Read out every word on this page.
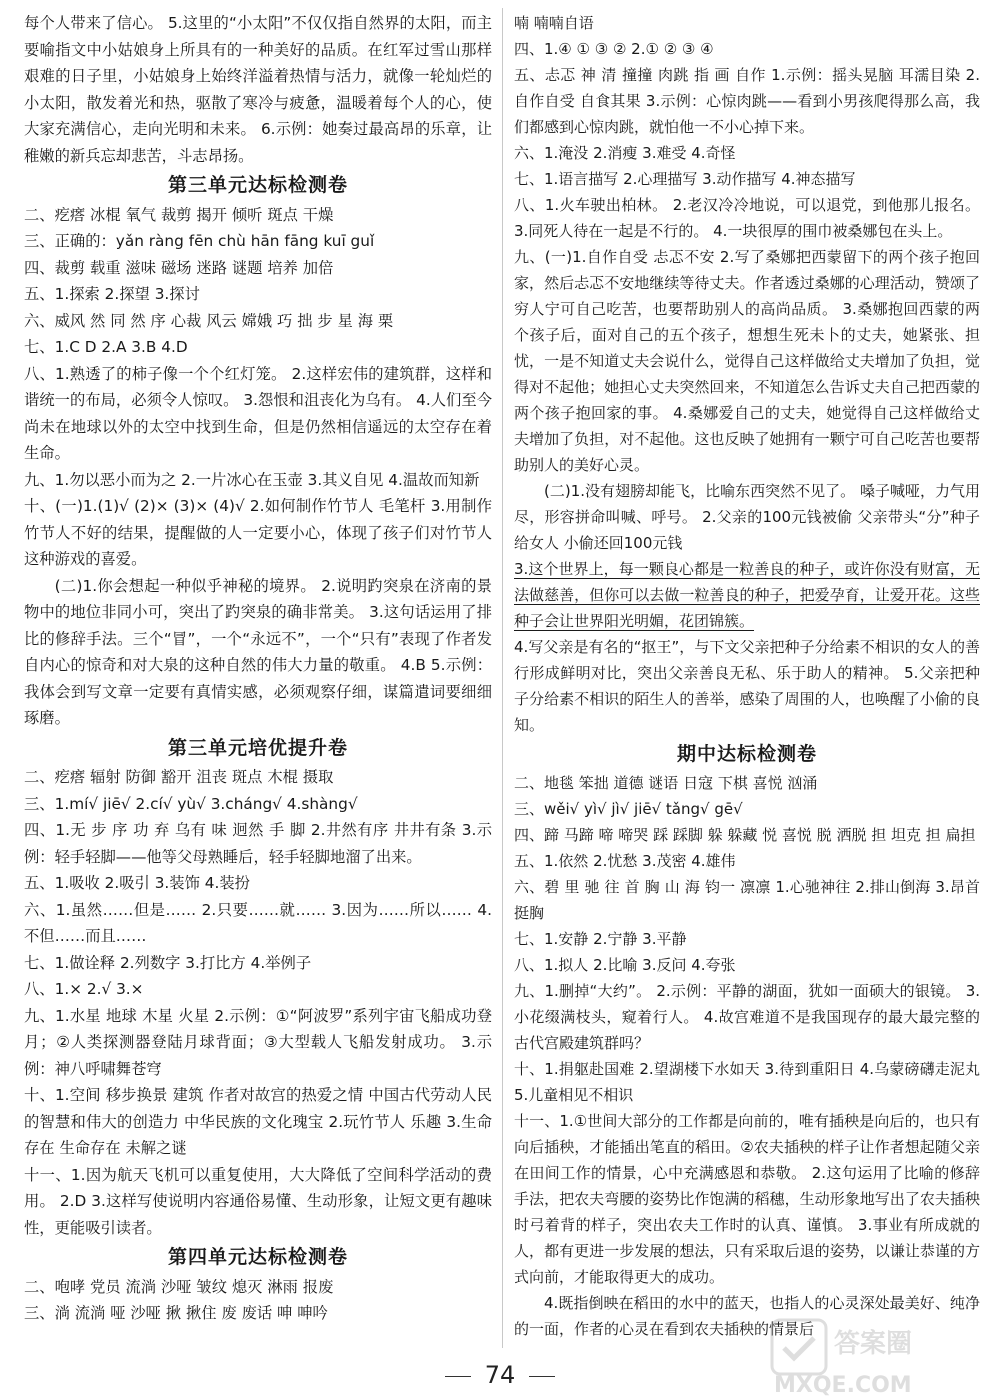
每个人带来了信心。 5.这里的“小太阳”不仅仅指自然界的太阳，而主要喻指文中小姑娘身上所具有的一种美好的品质。在红军过雪山那样艰难的日子里，小姑娘身上始终洋溢着热情与活力，就像一轮灿烂的小太阳，散发着光和热，驱散了寒冷与疲惫，温暖着每个人的心，使大家充满信心，走向光明和未来。 6.示例：她奏过最高昂的乐章，让稚嫩的新兵忘却悲苦，斗志昂扬。

第三单元达标检测卷

二、疙瘩 冰棍 氧气 裁剪 揭开 倾听 斑点 干燥

三、正确的：yǎn ràng fēn chù hān fāng kuī guǐ

四、裁剪 载重 滋味 磁场 迷路 谜题 培养 加倍

五、1.探索 2.探望 3.探讨

六、威风 然 同 然 序 心裁 风云 嫦娥 巧 拙 步 星 海 栗

七、1.C D 2.A 3.B 4.D

八、1.熟透了的柿子像一个个红灯笼。 2.这样宏伟的建筑群，这样和谐统一的布局，必须令人惊叹。 3.怨恨和沮丧化为乌有。 4.人们至今尚未在地球以外的太空中找到生命，但是仍然相信遥远的太空存在着生命。

九、1.勿以恶小而为之 2.一片冰心在玉壶 3.其义自见 4.温故而知新

十、(一)1.(1)√ (2)× (3)× (4)√ 2.如何制作竹节人 毛笔杆 3.用制作竹节人不好的结果，提醒做的人一定要小心，体现了孩子们对竹节人这种游戏的喜爱。

(二)1.你会想起一种似乎神秘的境界。 2.说明趵突泉在济南的景物中的地位非同小可，突出了趵突泉的确非常美。 3.这句话运用了排比的修辞手法。三个“冒”，一个“永远不”，一个“只有”表现了作者发自内心的惊奇和对大泉的这种自然的伟大力量的敬重。 4.B 5.示例：我体会到写文章一定要有真情实感，必须观察仔细，谋篇遣词要细细琢磨。

第三单元培优提升卷

二、疙瘩 辐射 防御 豁开 沮丧 斑点 木棍 摄取

三、1.mí√ jiē√ 2.cí√ yù√ 3.cháng√ 4.shàng√

四、1.无 步 序 功 弃 乌有 味 迥然 手 脚 2.井然有序 井井有条 3.示例：轻手轻脚——他等父母熟睡后，轻手轻脚地溜了出来。

五、1.吸收 2.吸引 3.装饰 4.装扮

六、1.虽然……但是…… 2.只要……就…… 3.因为……所以…… 4.不但……而且……

七、1.做诠释 2.列数字 3.打比方 4.举例子

八、1.× 2.√ 3.×

九、1.水星 地球 木星 火星 2.示例：①“阿波罗”系列宇宙飞船成功登月；②人类探测器登陆月球背面；③大型载人飞船发射成功。 3.示例：神八呼啸舞苍穹

十、1.空间 移步换景 建筑 作者对故宫的热爱之情 中国古代劳动人民的智慧和伟大的创造力 中华民族的文化瑰宝 2.玩竹节人 乐趣 3.生命存在 生命存在 未解之谜

十一、1.因为航天飞机可以重复使用，大大降低了空间科学活动的费用。 2.D 3.这样写使说明内容通俗易懂、生动形象，让短文更有趣味性，更能吸引读者。

第四单元达标检测卷

二、咆哮 党员 流淌 沙哑 皱纹 熄灭 淋雨 报废

三、淌 流淌 哑 沙哑 揪 揪住 废 废话 呻 呻吟

喃 喃喃自语

四、1.④ ① ③ ② 2.① ② ③ ④

五、忐忑 神 清 撞撞 肉跳 指 画 自作 1.示例：摇头晃脑 耳濡目染 2.自作自受 自食其果 3.示例：心惊肉跳——看到小男孩爬得那么高，我们都感到心惊肉跳，就怕他一不小心掉下来。

六、1.淹没 2.消瘦 3.难受 4.奇怪

七、1.语言描写 2.心理描写 3.动作描写 4.神态描写

八、1.火车驶出柏林。 2.老汉冷冷地说，可以退党，到他那儿报名。 3.同死人待在一起是不行的。 4.一块很厚的围巾被桑娜包在头上。

九、(一)1.自作自受 忐忑不安 2.写了桑娜把西蒙留下的两个孩子抱回家，然后忐忑不安地继续等待丈夫。作者透过桑娜的心理活动，赞颂了穷人宁可自己吃苦，也要帮助别人的高尚品质。 3.桑娜抱回西蒙的两个孩子后，面对自己的五个孩子，想想生死未卜的丈夫，她紧张、担忧，一是不知道丈夫会说什么，觉得自己这样做给丈夫增加了负担，觉得对不起他；她担心丈夫突然回来，不知道怎么告诉丈夫自己把西蒙的两个孩子抱回家的事。 4.桑娜爱自己的丈夫，她觉得自己这样做给丈夫增加了负担，对不起他。这也反映了她拥有一颗宁可自己吃苦也要帮助别人的美好心灵。

(二)1.没有翅膀却能飞，比喻东西突然不见了。 嗓子喊哑，力气用尽，形容拼命叫喊、呼号。 2.父亲的100元钱被偷 父亲带头“分”种子给女人 小偷还回100元钱

3.这个世界上，每一颗良心都是一粒善良的种子，或许你没有财富，无法做慈善，但你可以去做一粒善良的种子，把爱孕育，让爱开花。这些种子会让世界阳光明媚，花团锦簇。

4.写父亲是有名的“抠王”，与下文父亲把种子分给素不相识的女人的善行形成鲜明对比，突出父亲善良无私、乐于助人的精神。 5.父亲把种子分给素不相识的陌生人的善举，感染了周围的人，也唤醒了小偷的良知。

期中达标检测卷

二、地毯 笨拙 道德 谜语 日寇 下棋 喜悦 汹涌

三、wěi√ yì√ jì√ jiē√ tǎng√ gē√

四、蹄 马蹄 啼 啼哭 踩 踩脚 躲 躲藏 悦 喜悦 脱 洒脱 担 坦克 担 扁担

五、1.依然 2.忧愁 3.茂密 4.雄伟

六、碧 里 驰 往 首 胸 山 海 钧一 凛凛 1.心驰神往 2.排山倒海 3.昂首挺胸

七、1.安静 2.宁静 3.平静

八、1.拟人 2.比喻 3.反问 4.夸张

九、1.删掉“大约”。 2.示例：平静的湖面，犹如一面硕大的银镜。 3.小花缀满枝头，窥着行人。 4.故宫难道不是我国现存的最大最完整的古代宫殿建筑群吗？

十、1.捐躯赴国难 2.望湖楼下水如天 3.待到重阳日 4.乌蒙磅礴走泥丸 5.儿童相见不相识

十一、1.①世间大部分的工作都是向前的，唯有插秧是向后的，也只有向后插秧，才能插出笔直的稻田。②农夫插秧的样子让作者想起随父亲在田间工作的情景，心中充满感恩和恭敬。 2.这句运用了比喻的修辞手法，把农夫弯腰的姿势比作饱满的稻穗，生动形象地写出了农夫插秧时弓着背的样子，突出农夫工作时的认真、谨慎。 3.事业有所成就的人，都有更进一步发展的想法，只有采取后退的姿势，以谦让恭谨的方式向前，才能取得更大的成功。

4.既指倒映在稻田的水中的蓝天，也指人的心灵深处最美好、纯净的一面，作者的心灵在看到农夫插秧的情景后

74
答案圈
MXQE.COM
